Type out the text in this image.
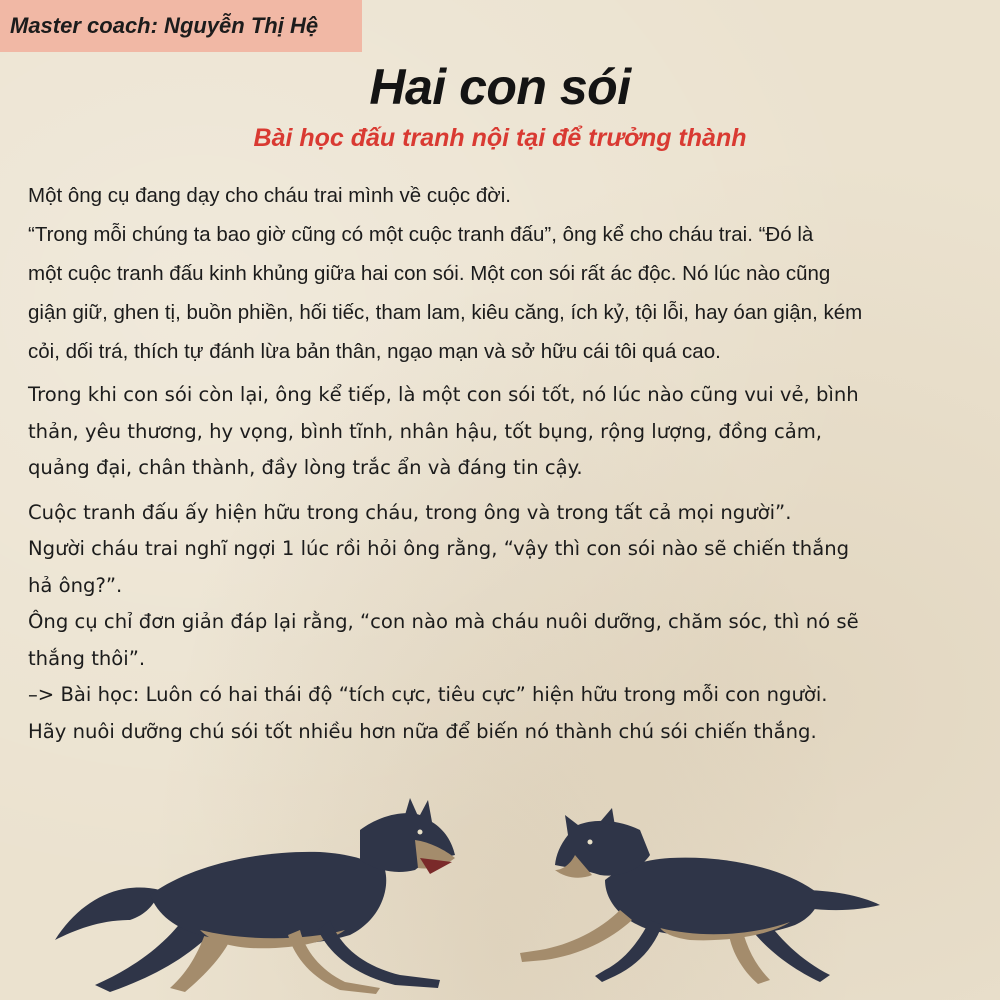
Master coach: Nguyễn Thị Hệ
Hai con sói
Bài học đấu tranh nội tại để trưởng thành

Một ông cụ đang dạy cho cháu trai mình về cuộc đời.
“Trong mỗi chúng ta bao giờ cũng có một cuộc tranh đấu”, ông kể cho cháu trai. “Đó là
một cuộc tranh đấu kinh khủng giữa hai con sói. Một con sói rất ác độc. Nó lúc nào cũng
giận giữ, ghen tị, buồn phiền, hối tiếc, tham lam, kiêu căng, ích kỷ, tội lỗi, hay óan giận, kém
cỏi, dối trá, thích tự đánh lừa bản thân, ngạo mạn và sở hữu cái tôi quá cao.

Trong khi con sói còn lại, ông kể tiếp, là một con sói tốt, nó lúc nào cũng vui vẻ, bình
thản, yêu thương, hy vọng, bình tĩnh, nhân hậu, tốt bụng, rộng lượng, đồng cảm,
quảng đại, chân thành, đầy lòng trắc ẩn và đáng tin cậy.

Cuộc tranh đấu ấy hiện hữu trong cháu, trong ông và trong tất cả mọi người”.
Người cháu trai nghĩ ngợi 1 lúc rồi hỏi ông rằng, “vậy thì con sói nào sẽ chiến thắng
hả ông?”.
Ông cụ chỉ đơn giản đáp lại rằng, “con nào mà cháu nuôi dưỡng, chăm sóc, thì nó sẽ
thắng thôi”.
–> Bài học: Luôn có hai thái độ “tích cực, tiêu cực” hiện hữu trong mỗi con người.
Hãy nuôi dưỡng chú sói tốt nhiều hơn nữa để biến nó thành chú sói chiến thắng.
